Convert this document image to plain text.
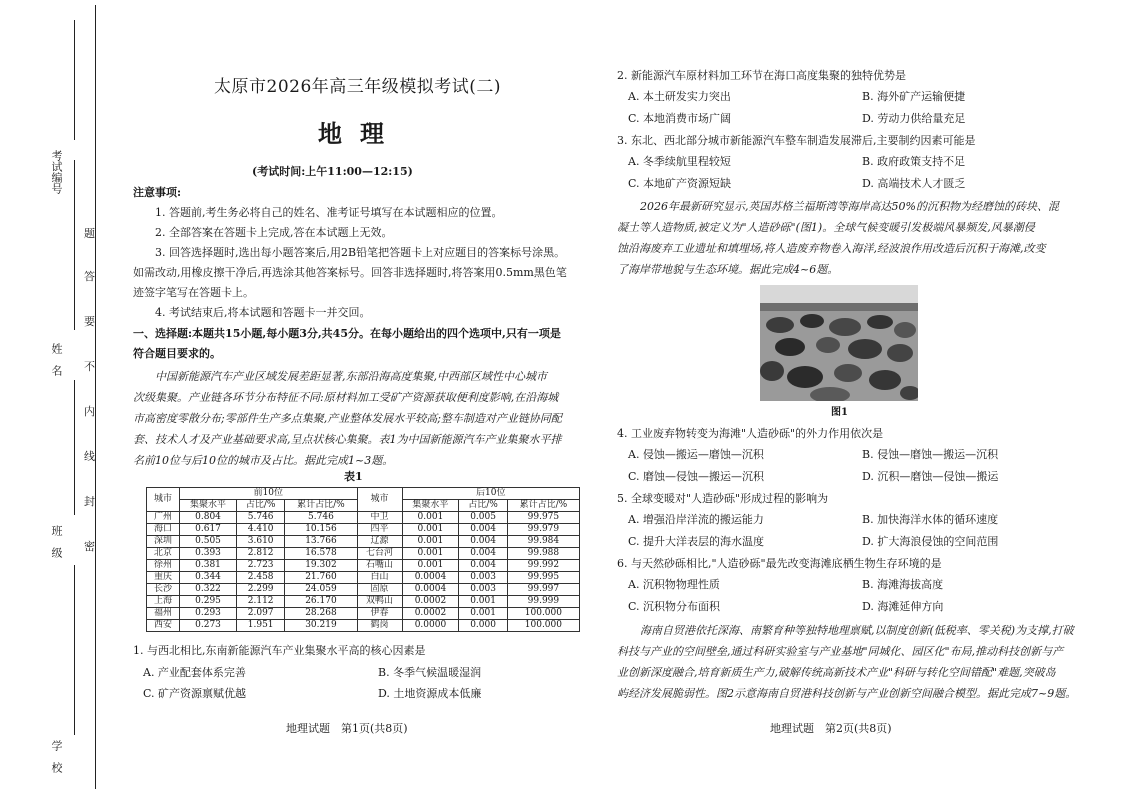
考试编号
姓　名
班　级
学　校
题
答
要
不
内
线
封
密
太原市2026年高三年级模拟考试(二)
地理
(考试时间:上午11:00—12:15)
注意事项:
1. 答题前,考生务必将自己的姓名、准考证号填写在本试题相应的位置。
2. 全部答案在答题卡上完成,答在本试题上无效。
3. 回答选择题时,选出每小题答案后,用2B铅笔把答题卡上对应题目的答案标号涂黑。
如需改动,用橡皮擦干净后,再选涂其他答案标号。回答非选择题时,将答案用0.5mm黑色笔
迹签字笔写在答题卡上。
4. 考试结束后,将本试题和答题卡一并交回。
一、选择题:本题共15小题,每小题3分,共45分。在每小题给出的四个选项中,只有一项是
符合题目要求的。
中国新能源汽车产业区域发展差距显著,东部沿海高度集聚,中西部区域性中心城市
次级集聚。产业链各环节分布特征不同:原材料加工受矿产资源获取便利度影响,在沿海城
市高密度零散分布;零部件生产多点集聚,产业整体发展水平较高;整车制造对产业链协同配
套、技术人才及产业基础要求高,呈点状核心集聚。表1为中国新能源汽车产业集聚水平排
名前10位与后10位的城市及占比。据此完成1~3题。
表1
城市	前10位			城市	后10位		
	集聚水平	占比/%	累计占比/%		集聚水平	占比/%	累计占比/%
广州	0.804	5.746	5.746	中卫	0.001	0.005	99.975
海口	0.617	4.410	10.156	四平	0.001	0.004	99.979
深圳	0.505	3.610	13.766	辽源	0.001	0.004	99.984
北京	0.393	2.812	16.578	七台河	0.001	0.004	99.988
徐州	0.381	2.723	19.302	石嘴山	0.001	0.004	99.992
重庆	0.344	2.458	21.760	白山	0.0004	0.003	99.995
长沙	0.322	2.299	24.059	固原	0.0004	0.003	99.997
上海	0.295	2.112	26.170	双鸭山	0.0002	0.001	99.999
福州	0.293	2.097	28.268	伊春	0.0002	0.001	100.000
西安	0.273	1.951	30.219	鹤岗	0.0000	0.000	100.000
1. 与西北相比,东南新能源汽车产业集聚水平高的核心因素是
A. 产业配套体系完善	B. 冬季气候温暖湿润
C. 矿产资源禀赋优越	D. 土地资源成本低廉
地理试题　第1页(共8页)
2. 新能源汽车原材料加工环节在海口高度集聚的独特优势是
A. 本土研发实力突出	B. 海外矿产运输便捷
C. 本地消费市场广阔	D. 劳动力供给量充足
3. 东北、西北部分城市新能源汽车整车制造发展滞后,主要制约因素可能是
A. 冬季续航里程较短	B. 政府政策支持不足
C. 本地矿产资源短缺	D. 高端技术人才匮乏
2026年最新研究显示,英国苏格兰福斯湾等海岸高达50%的沉积物为经磨蚀的砖块、混
凝土等人造物质,被定义为"人造砂砾"(图1)。全球气候变暖引发极端风暴频发,风暴潮侵
蚀沿海废弃工业遗址和填埋场,将人造废弃物卷入海洋,经波浪作用改造后沉积于海滩,改变
了海岸带地貌与生态环境。据此完成4~6题。
图1
4. 工业废弃物转变为海滩"人造砂砾"的外力作用依次是
A. 侵蚀—搬运—磨蚀—沉积	B. 侵蚀—磨蚀—搬运—沉积
C. 磨蚀—侵蚀—搬运—沉积	D. 沉积—磨蚀—侵蚀—搬运
5. 全球变暖对"人造砂砾"形成过程的影响为
A. 增强沿岸洋流的搬运能力	B. 加快海洋水体的循环速度
C. 提升大洋表层的海水温度	D. 扩大海浪侵蚀的空间范围
6. 与天然砂砾相比,"人造砂砾"最先改变海滩底栖生物生存环境的是
A. 沉积物物理性质	B. 海滩海拔高度
C. 沉积物分布面积	D. 海滩延伸方向
海南自贸港依托深海、南繁育种等独特地理禀赋,以制度创新(低税率、零关税)为支撑,打破
科技与产业的空间壁垒,通过科研实验室与产业基地"同城化、园区化"布局,推动科技创新与产
业创新深度融合,培育新质生产力,破解传统高新技术产业"科研与转化空间错配"难题,突破岛
屿经济发展脆弱性。图2示意海南自贸港科技创新与产业创新空间融合模型。据此完成7~9题。
地理试题　第2页(共8页)
